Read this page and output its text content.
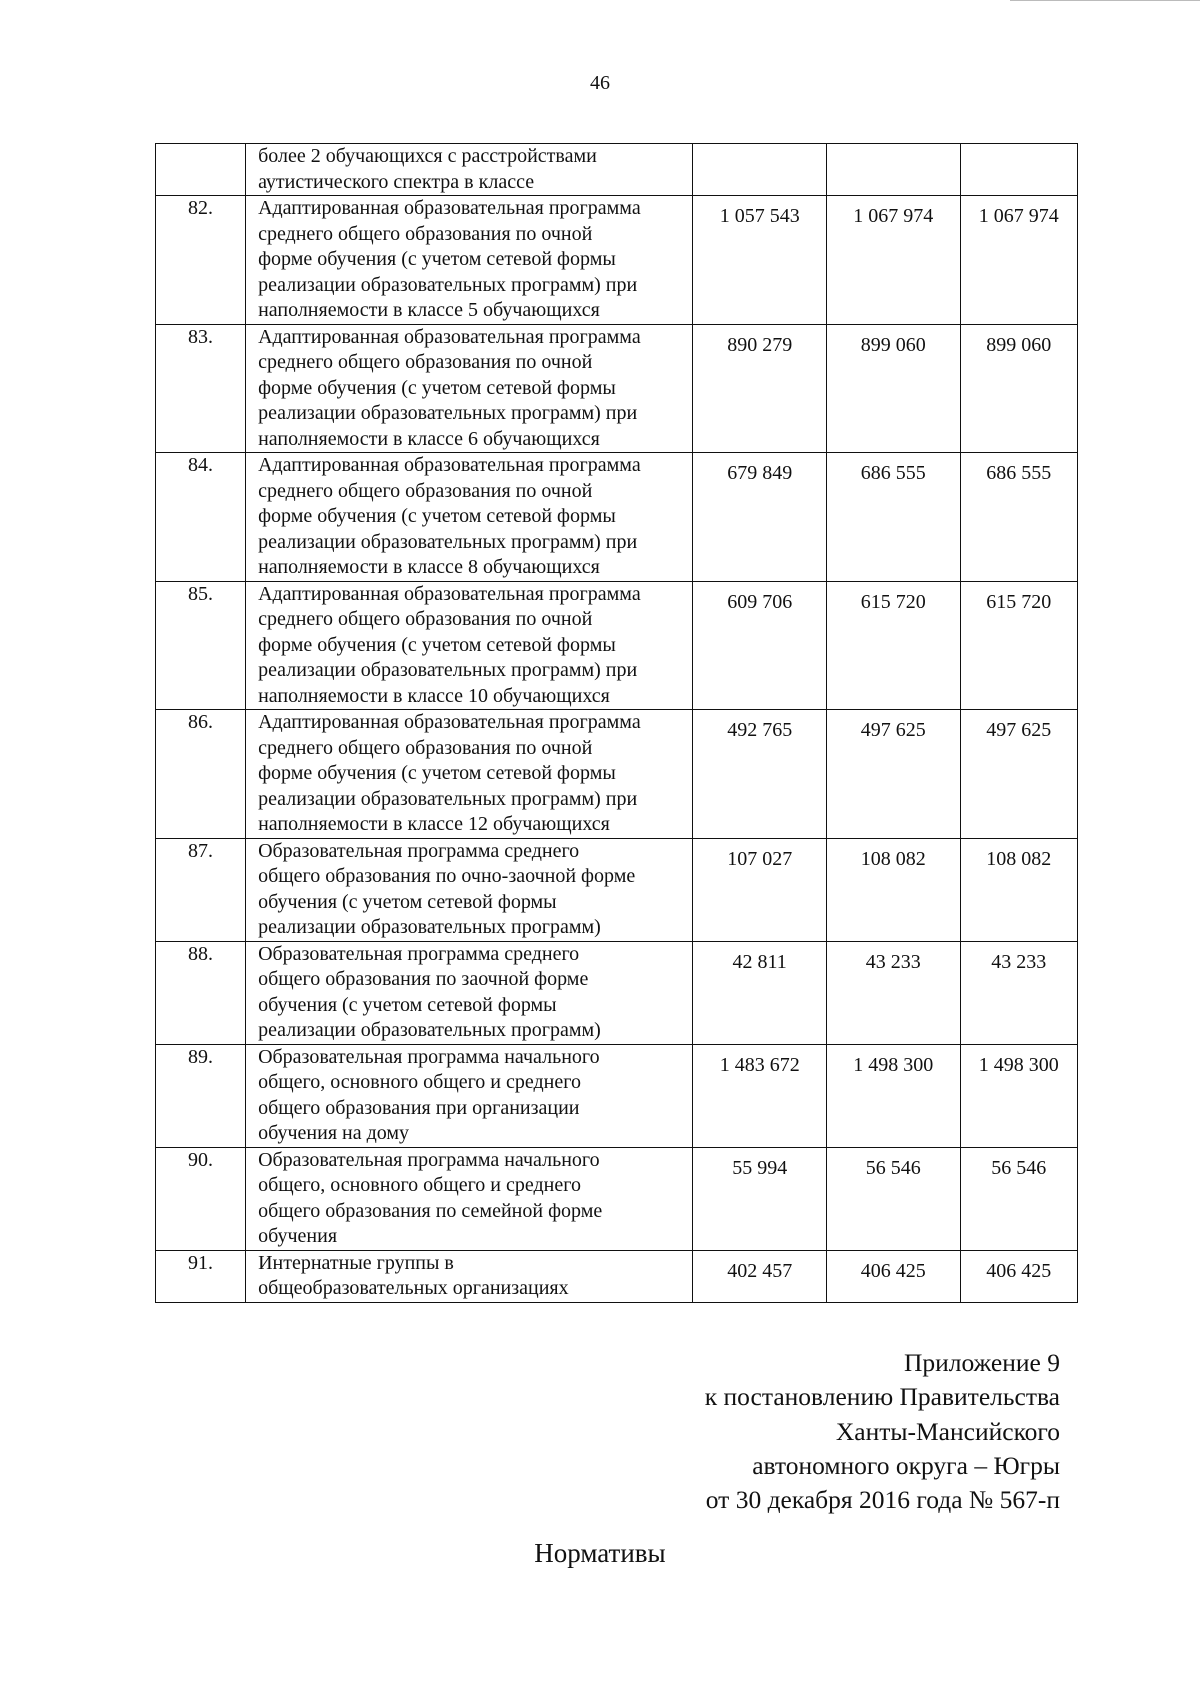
46

	более 2 обучающихся с расстройствами
аутистического спектра в классе			

82.	Адаптированная образовательная программа
среднего общего образования по очной
форме обучения (с учетом сетевой формы
реализации образовательных программ) при
наполняемости в классе 5 обучающихся	1 057 543	1 067 974	1 067 974
83.	Адаптированная образовательная программа
среднего общего образования по очной
форме обучения (с учетом сетевой формы
реализации образовательных программ) при
наполняемости в классе 6 обучающихся	890 279	899 060	899 060
84.	Адаптированная образовательная программа
среднего общего образования по очной
форме обучения (с учетом сетевой формы
реализации образовательных программ) при
наполняемости в классе 8 обучающихся	679 849	686 555	686 555
85.	Адаптированная образовательная программа
среднего общего образования по очной
форме обучения (с учетом сетевой формы
реализации образовательных программ) при
наполняемости в классе 10 обучающихся	609 706	615 720	615 720
86.	Адаптированная образовательная программа
среднего общего образования по очной
форме обучения (с учетом сетевой формы
реализации образовательных программ) при
наполняемости в классе 12 обучающихся	492 765	497 625	497 625
87.	Образовательная программа среднего
общего образования по очно-заочной форме
обучения (с учетом сетевой формы
реализации образовательных программ)	107 027	108 082	108 082
88.	Образовательная программа среднего
общего образования по заочной форме
обучения (с учетом сетевой формы
реализации образовательных программ)	42 811	43 233	43 233
89.	Образовательная программа начального
общего, основного общего и среднего
общего образования при организации
обучения на дому	1 483 672	1 498 300	1 498 300
90.	Образовательная программа начального
общего, основного общего и среднего
общего образования по семейной форме
обучения	55 994	56 546	56 546
91.	Интернатные группы в
общеобразовательных организациях	402 457	406 425	406 425
Приложение 9
к постановлению Правительства
Ханты-Мансийского
автономного округа – Югры
от 30 декабря 2016 года № 567-п
Нормативы
